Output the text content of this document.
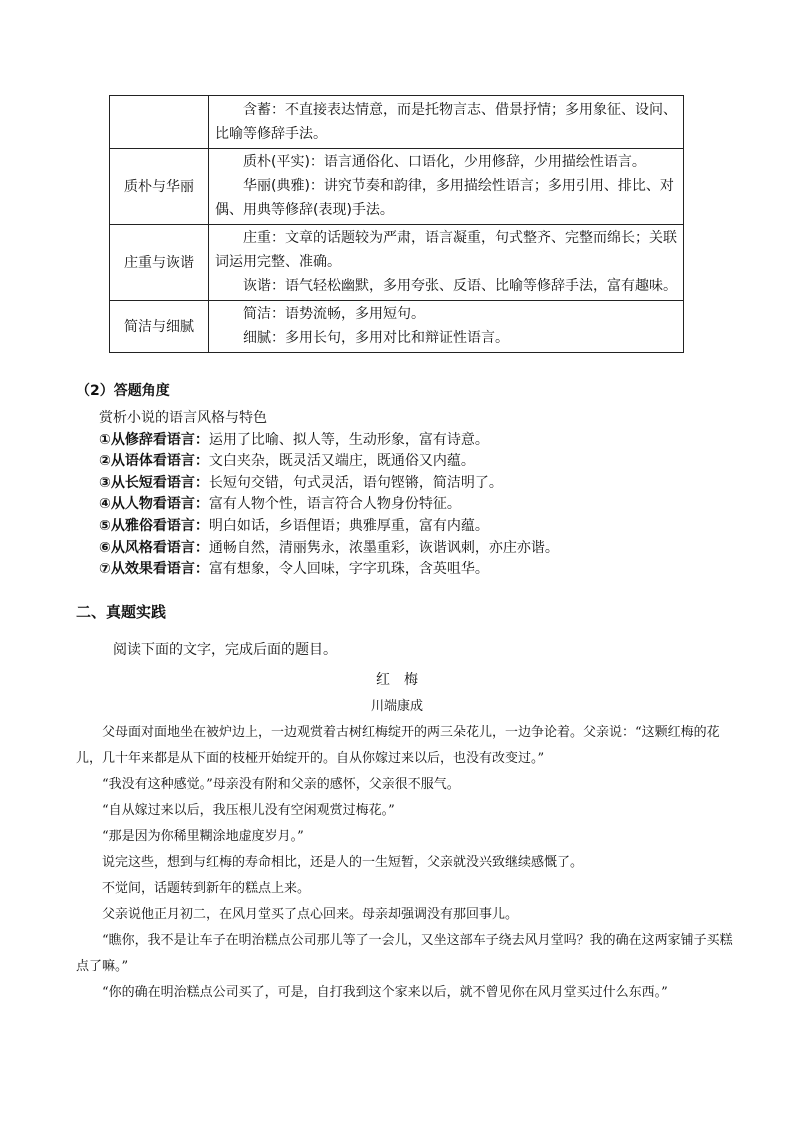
	含蓄：不直接表达情意，而是托物言志、借景抒情；多用象征、设问、
比喻等修辞手法。

质朴与华丽	质朴(平实)：语言通俗化、口语化，少用修辞，少用描绘性语言。
华丽(典雅)：讲究节奏和韵律，多用描绘性语言；多用引用、排比、对
偶、用典等修辞(表现)手法。

庄重与诙谐	庄重：文章的话题较为严肃，语言凝重，句式整齐、完整而绵长；关联
词运用完整、准确。
诙谐：语气轻松幽默，多用夸张、反语、比喻等修辞手法，富有趣味。

简洁与细腻	简洁：语势流畅，多用短句。
细腻：多用长句，多用对比和辩证性语言。
（2）答题角度
赏析小说的语言风格与特色
①从修辞看语言：运用了比喻、拟人等，生动形象，富有诗意。
②从语体看语言：文白夹杂，既灵活又端庄，既通俗又内蕴。
③从长短看语言：长短句交错，句式灵活，语句铿锵，简洁明了。
④从人物看语言：富有人物个性，语言符合人物身份特征。
⑤从雅俗看语言：明白如话，乡语俚语；典雅厚重，富有内蕴。
⑥从风格看语言：通畅自然，清丽隽永，浓墨重彩，诙谐讽刺，亦庄亦谐。
⑦从效果看语言：富有想象，令人回味，字字玑珠，含英咀华。
二、真题实践
阅读下面的文字，完成后面的题目。
红梅
川端康成

父母面对面地坐在被炉边上，一边观赏着古树红梅绽开的两三朵花儿，一边争论着。父亲说：“这颗红梅的花儿，几十年来都是从下面的枝桠开始绽开的。自从你嫁过来以后，也没有改变过。”

“我没有这种感觉。”母亲没有附和父亲的感怀，父亲很不服气。

“自从嫁过来以后，我压根儿没有空闲观赏过梅花。”

“那是因为你稀里糊涂地虚度岁月。”

说完这些，想到与红梅的寿命相比，还是人的一生短暂，父亲就没兴致继续感慨了。

不觉间，话题转到新年的糕点上来。

父亲说他正月初二，在风月堂买了点心回来。母亲却强调没有那回事儿。

“瞧你，我不是让车子在明治糕点公司那儿等了一会儿，又坐这部车子绕去风月堂吗？我的确在这两家铺子买糕点了嘛。”

“你的确在明治糕点公司买了，可是，自打我到这个家来以后，就不曾见你在风月堂买过什么东西。”
